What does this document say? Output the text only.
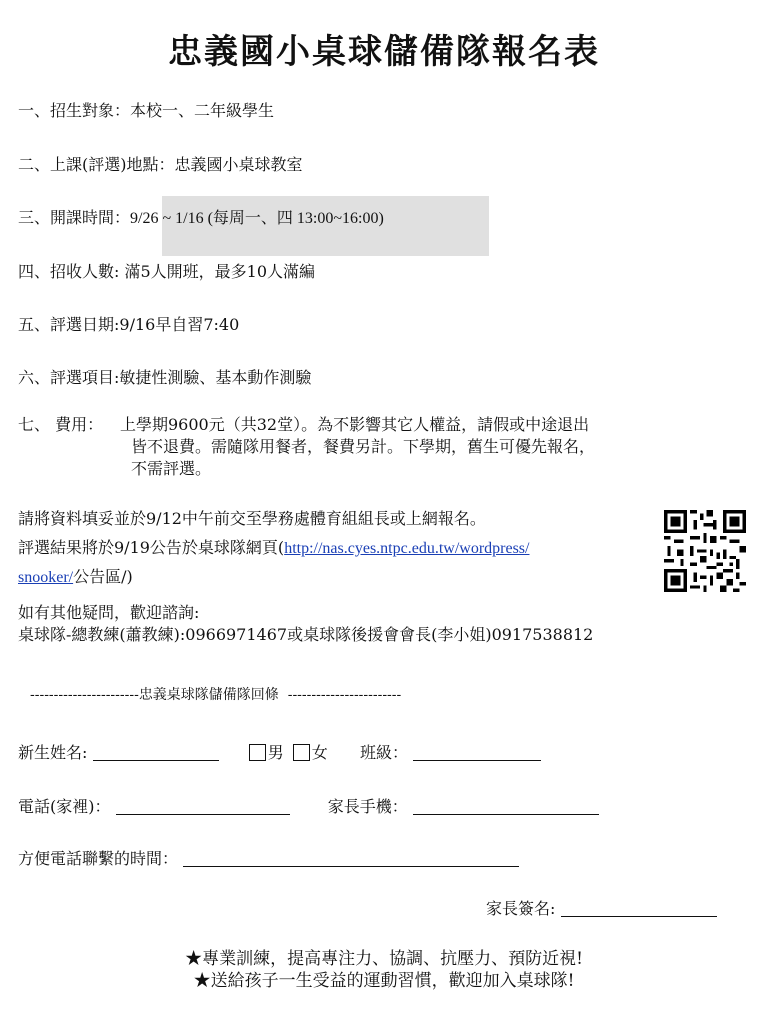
忠義國小桌球儲備隊報名表
一、招生對象：本校一、二年級學生
二、上課(評選)地點：忠義國小桌球教室
三、開課時間：9/26 ~ 1/16 (每周一、四 13:00~16:00)
四、招收人數: 滿5人開班，最多10人滿編
五、評選日期:9/16早自習7:40
六、評選項目:敏捷性測驗、基本動作測驗
七、 費用： 上學期9600元（共32堂）。為不影響其它人權益，請假或中途退出
皆不退費。需隨隊用餐者，餐費另計。下學期，舊生可優先報名，
不需評選。
請將資料填妥並於9/12中午前交至學務處體育組組長或上網報名。
評選結果將於9/19公告於桌球隊網頁(http://nas.cyes.ntpc.edu.tw/wordpress/
snooker/公告區/)
如有其他疑問，歡迎諮詢:
桌球隊-總教練(蕭教練):0966971467或桌球隊後援會會長(李小姐)0917538812
-----------------------忠義桌球隊儲備隊回條 ------------------------
新生姓名:	男 女 班級：
電話(家裡)：	家長手機：
方便電話聯繫的時間：
家長簽名:
★專業訓練，提高專注力、協調、抗壓力、預防近視!
★送給孩子一生受益的運動習慣，歡迎加入桌球隊!
